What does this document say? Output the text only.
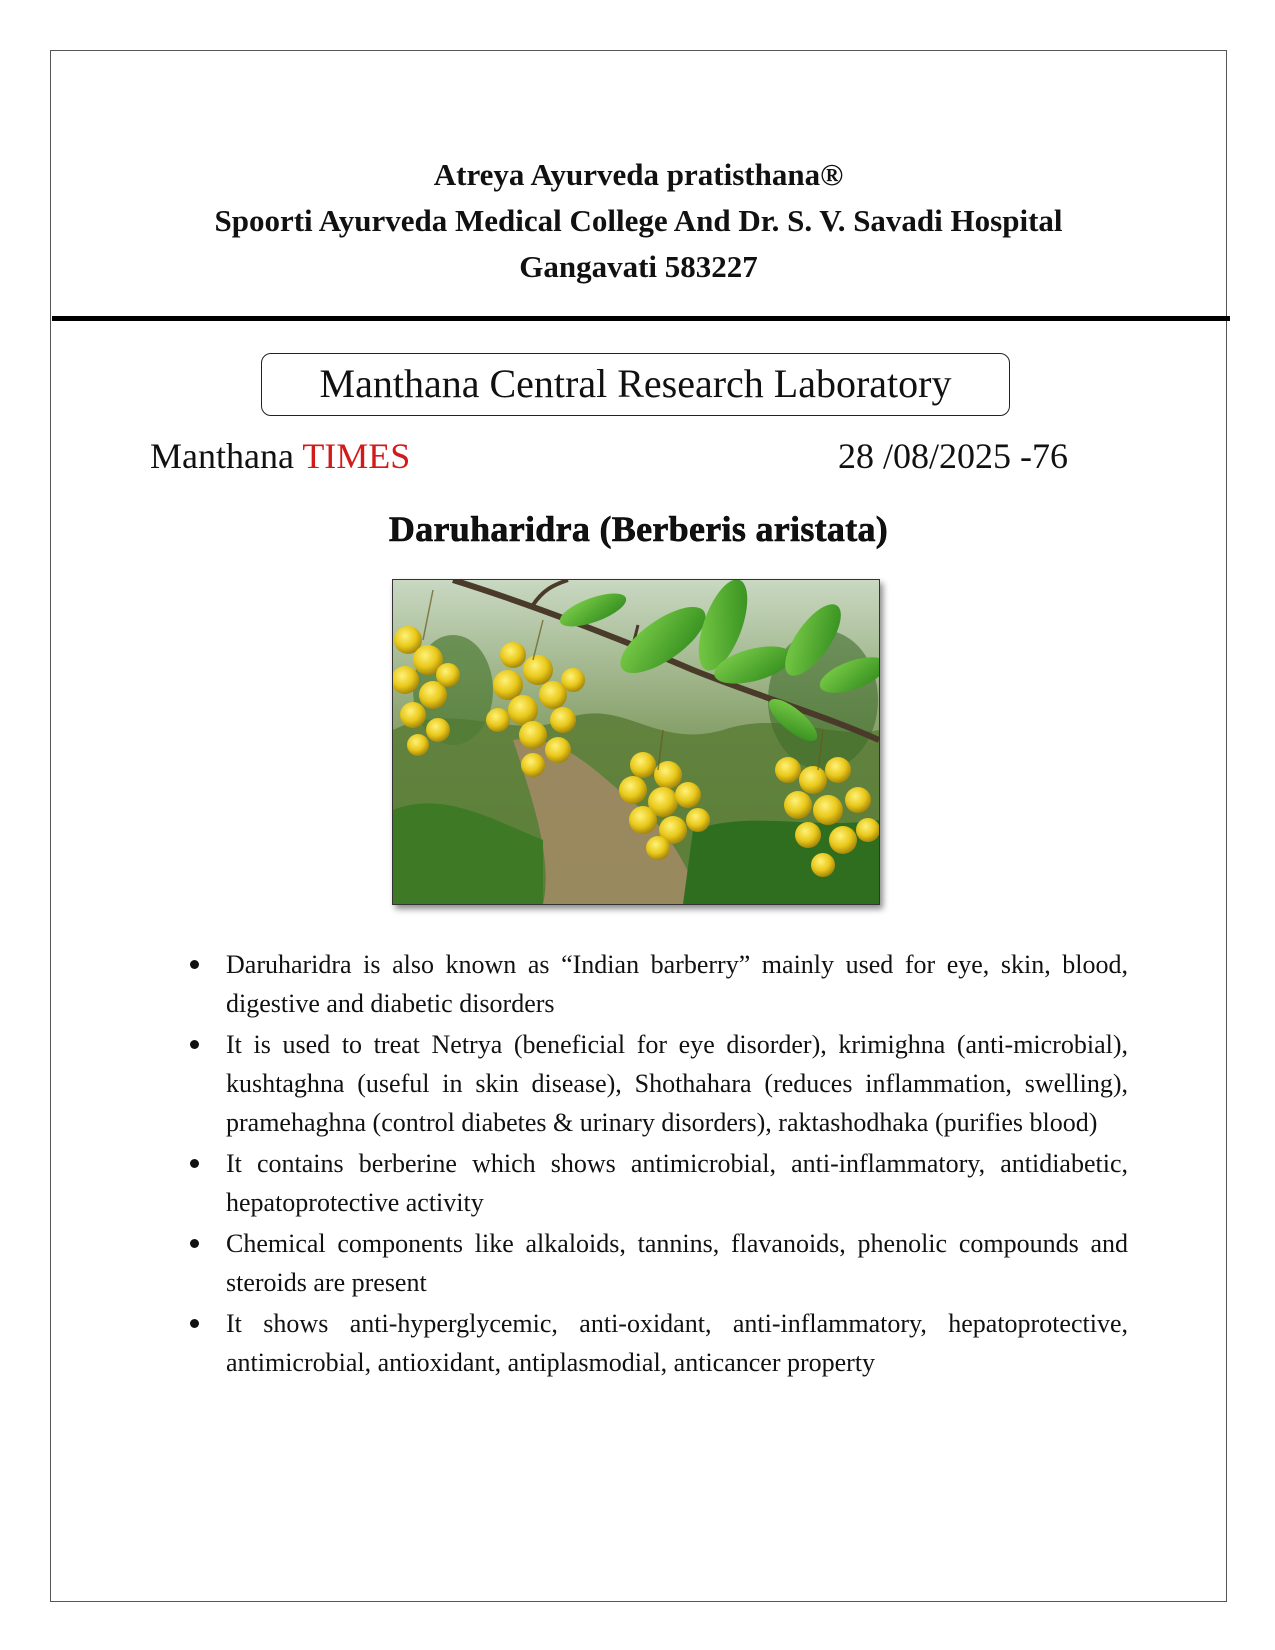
Atreya Ayurveda pratisthana®
Spoorti Ayurveda Medical College And Dr. S. V. Savadi Hospital
Gangavati 583227
Manthana Central Research Laboratory
Manthana TIMES	28 /08/2025 -76
Daruharidra (Berberis aristata)
Daruharidra is also known as “Indian barberry” mainly used for eye, skin, blood, digestive and diabetic disorders
It is used to treat Netrya (beneficial for eye disorder), krimighna (anti-microbial), kushtaghna (useful in skin disease), Shothahara (reduces inflammation, swelling), pramehaghna (control diabetes & urinary disorders), raktashodhaka (purifies blood)
It contains berberine which shows antimicrobial, anti-inflammatory, antidiabetic, hepatoprotective activity
Chemical components like alkaloids, tannins, flavanoids, phenolic compounds and steroids are present
It shows anti-hyperglycemic, anti-oxidant, anti-inflammatory, hepatoprotective, antimicrobial, antioxidant, antiplasmodial, anticancer property
